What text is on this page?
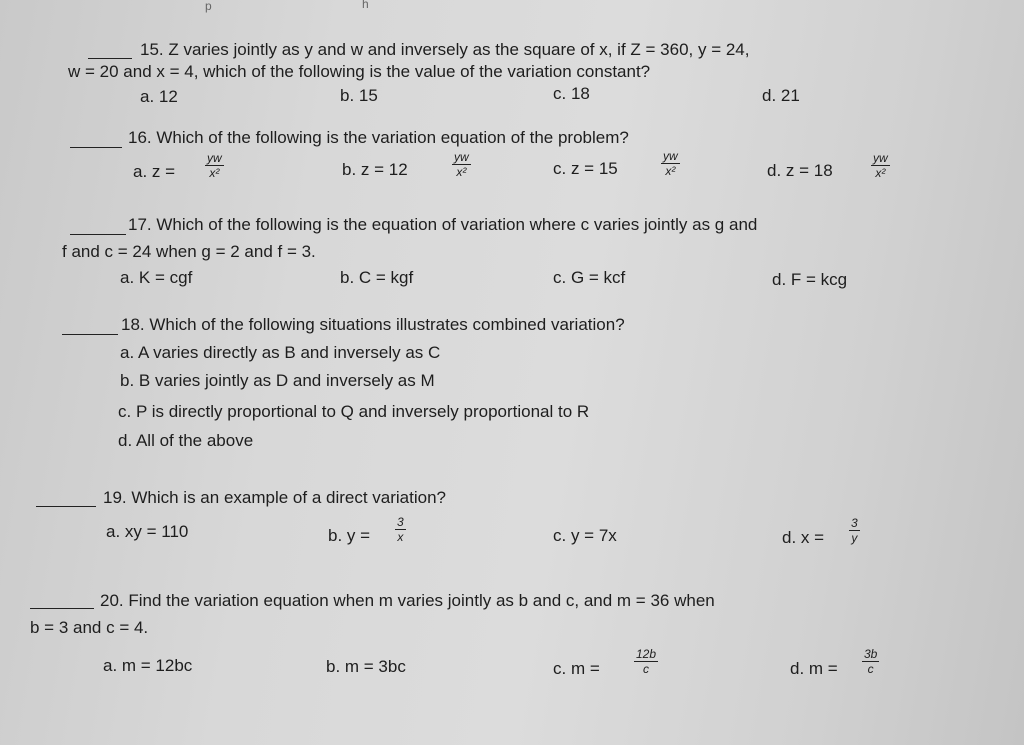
p	h
15. Z varies jointly as y and w and inversely as the square of x, if Z = 360, y = 24,
w = 20 and x = 4, which of the following is the value of the variation constant?
a. 12	b. 15	c. 18	d. 21
16. Which of the following is the variation equation of the problem?
a. z =
yw
x²	b. z = 12
yw
x²	c. z = 15
yw
x²	d. z = 18
yw
x²
17. Which of the following is the equation of variation where c varies jointly as g and
f and c = 24 when g = 2 and f = 3.
a. K = cgf	b. C = kgf	c. G = kcf	d. F = kcg
18. Which of the following situations illustrates combined variation?
a. A varies directly as B and inversely as C
b. B varies jointly as D and inversely as M
c. P is directly proportional to Q and inversely proportional to R
d. All of the above
19. Which is an example of a direct variation?
a. xy = 110	b. y =
3
x	c. y = 7x	d. x =
3
y
20. Find the variation equation when m varies jointly as b and c, and m = 36 when
b = 3 and c = 4.
a. m = 12bc	b. m = 3bc	c. m =
12b
c	d. m =
3b
c
